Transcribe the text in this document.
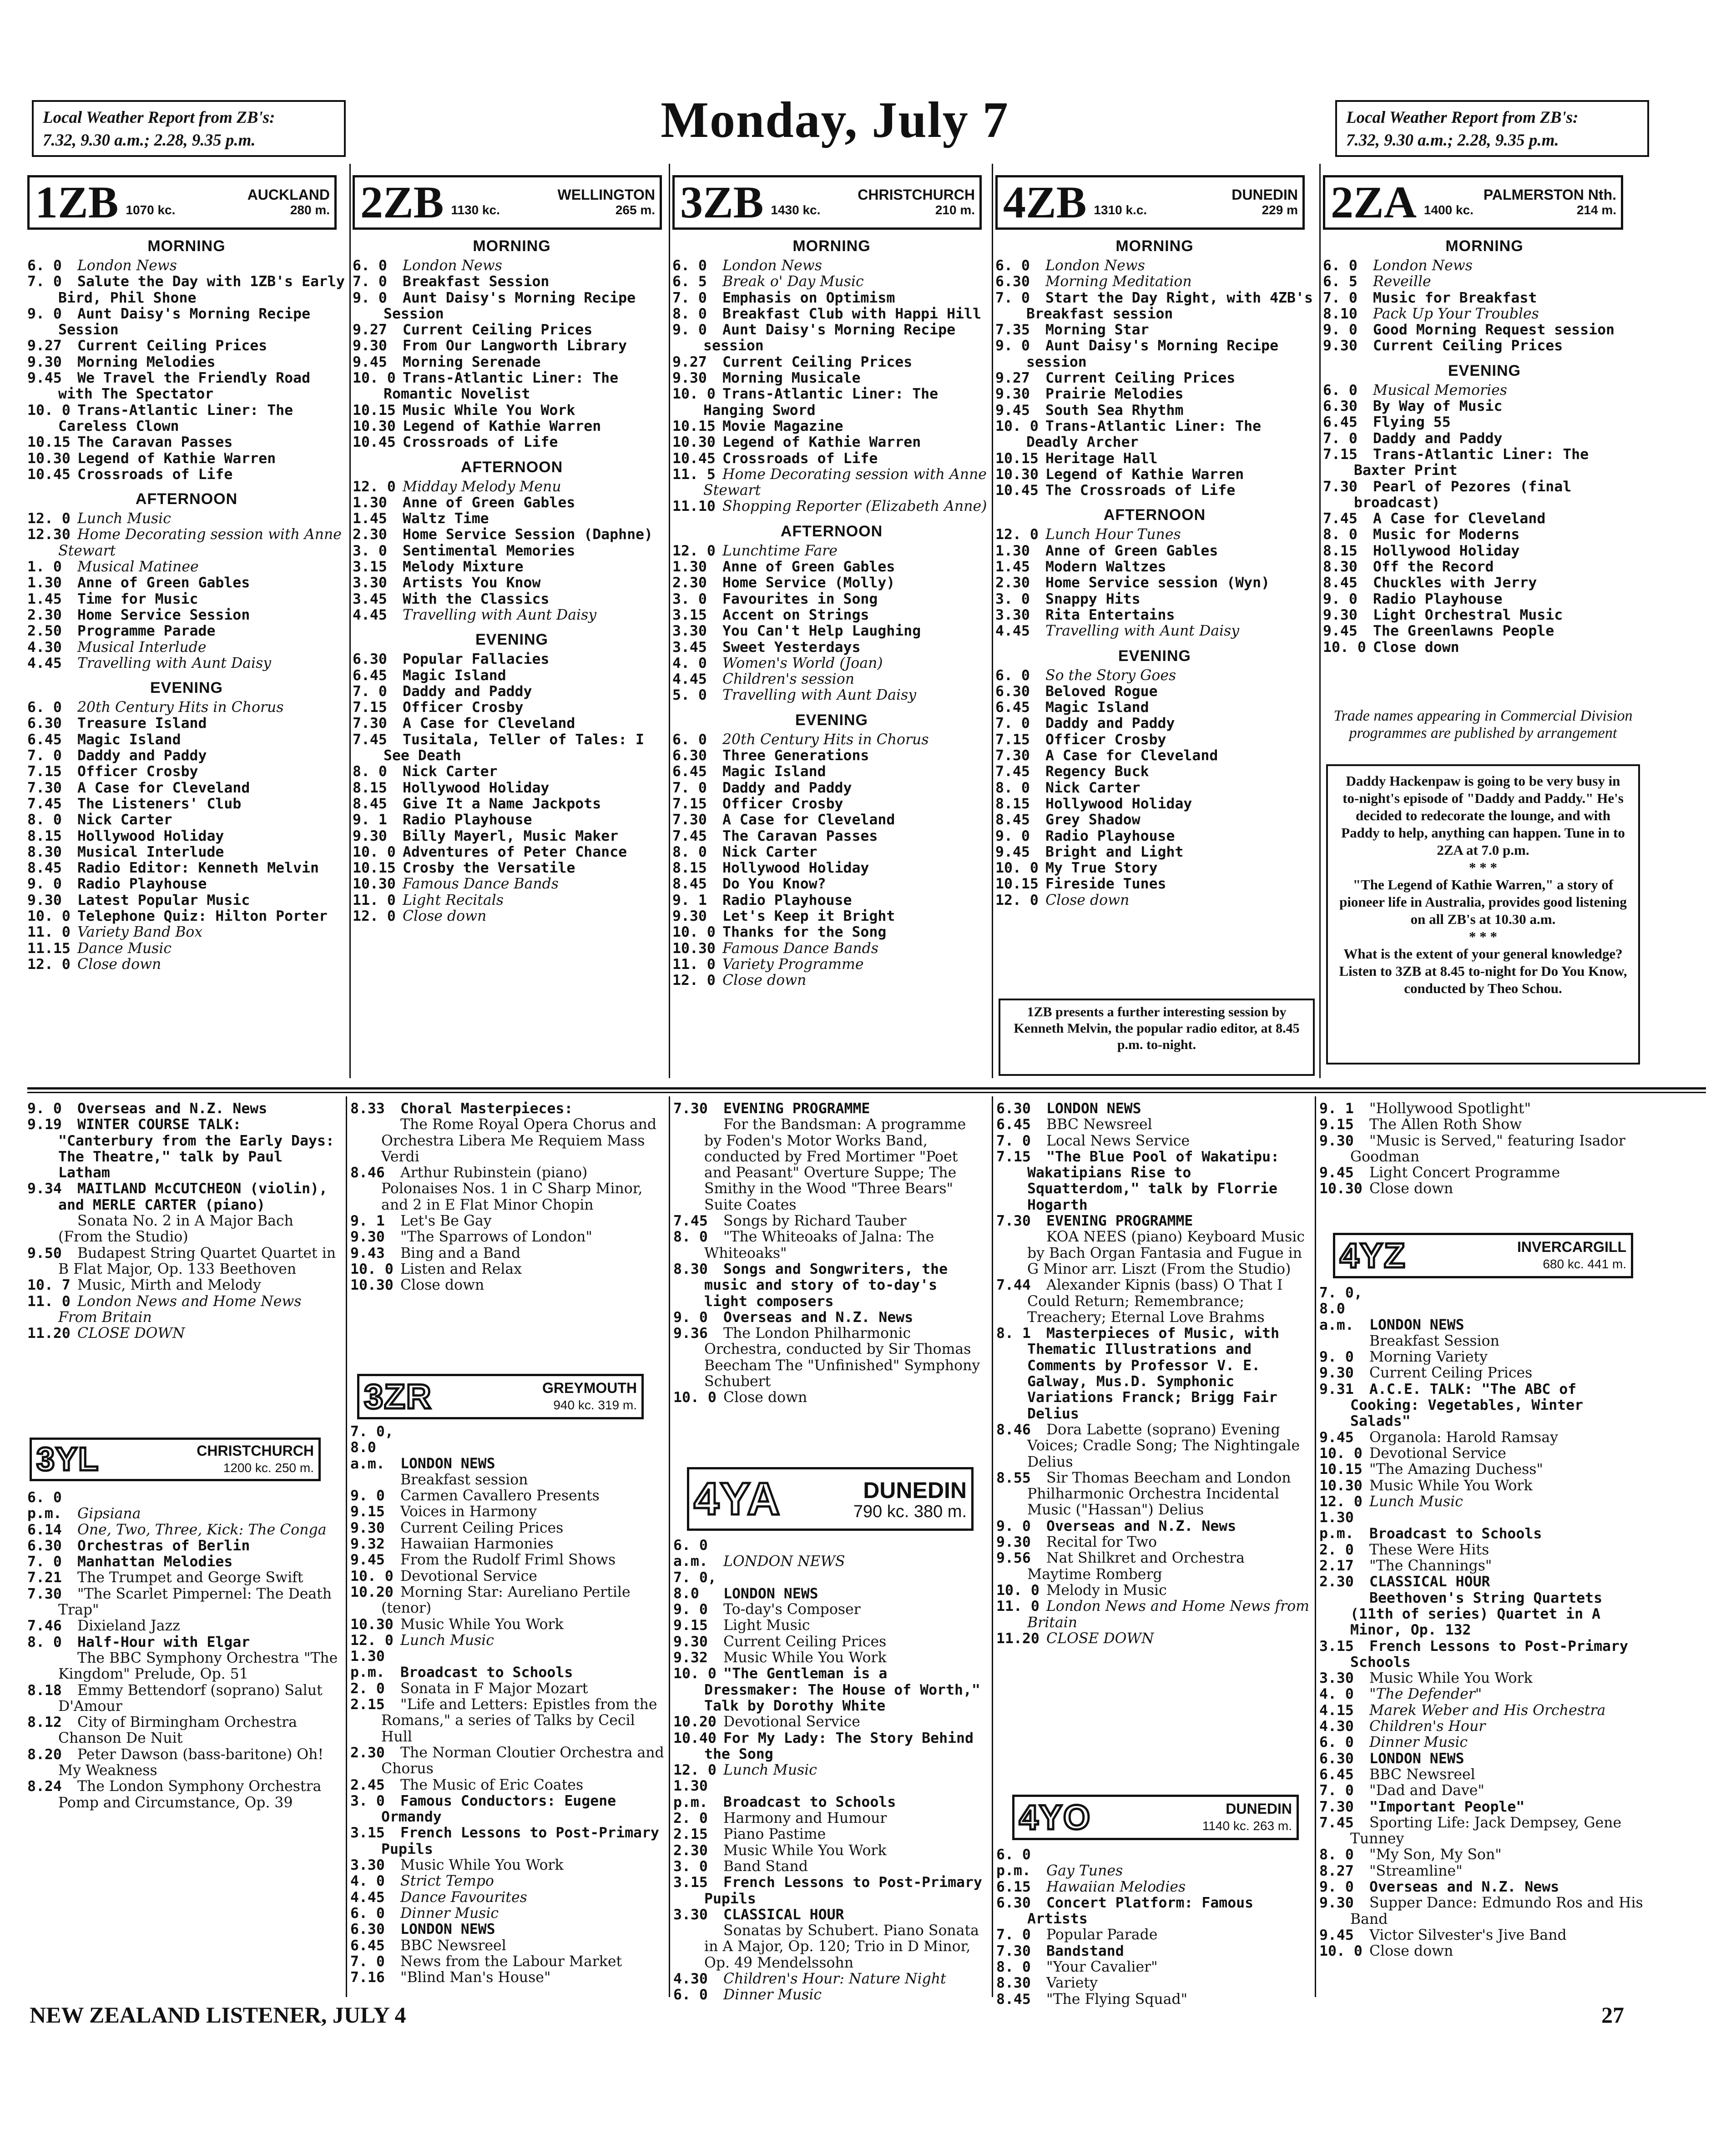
Local Weather Report from ZB's:
7.32, 9.30 a.m.; 2.28, 9.35 p.m.	Monday, July 7	Local Weather Report from ZB's:
7.32, 9.30 a.m.; 2.28, 9.35 p.m.
1ZB	AUCKLAND
1070 kc.	280 m.
MORNING
6. 0 London News
7. 0 Salute the Day with 1ZB's Early Bird, Phil Shone
9. 0 Aunt Daisy's Morning Recipe Session
9.27 Current Ceiling Prices
9.30 Morning Melodies
9.45 We Travel the Friendly Road with The Spectator
10. 0 Trans-Atlantic Liner: The Careless Clown
10.15 The Caravan Passes
10.30 Legend of Kathie Warren
10.45 Crossroads of Life
AFTERNOON
12. 0 Lunch Music
12.30 Home Decorating session with Anne Stewart
1. 0 Musical Matinee
1.30 Anne of Green Gables
1.45 Time for Music
2.30 Home Service Session
2.50 Programme Parade
4.30 Musical Interlude
4.45 Travelling with Aunt Daisy
EVENING
6. 0 20th Century Hits in Chorus
6.30 Treasure Island
6.45 Magic Island
7. 0 Daddy and Paddy
7.15 Officer Crosby
7.30 A Case for Cleveland
7.45 The Listeners' Club
8. 0 Nick Carter
8.15 Hollywood Holiday
8.30 Musical Interlude
8.45 Radio Editor: Kenneth Melvin
9. 0 Radio Playhouse
9.30 Latest Popular Music
10. 0 Telephone Quiz: Hilton Porter
11. 0 Variety Band Box
11.15 Dance Music
12. 0 Close down
2ZB	WELLINGTON
1130 kc.	265 m.
MORNING
6. 0 London News
7. 0 Breakfast Session
9. 0 Aunt Daisy's Morning Recipe Session
9.27 Current Ceiling Prices
9.30 From Our Langworth Library
9.45 Morning Serenade
10. 0 Trans-Atlantic Liner: The Romantic Novelist
10.15 Music While You Work
10.30 Legend of Kathie Warren
10.45 Crossroads of Life
AFTERNOON
12. 0 Midday Melody Menu
1.30 Anne of Green Gables
1.45 Waltz Time
2.30 Home Service Session (Daphne)
3. 0 Sentimental Memories
3.15 Melody Mixture
3.30 Artists You Know
3.45 With the Classics
4.45 Travelling with Aunt Daisy
EVENING
6.30 Popular Fallacies
6.45 Magic Island
7. 0 Daddy and Paddy
7.15 Officer Crosby
7.30 A Case for Cleveland
7.45 Tusitala, Teller of Tales: I See Death
8. 0 Nick Carter
8.15 Hollywood Holiday
8.45 Give It a Name Jackpots
9. 1 Radio Playhouse
9.30 Billy Mayerl, Music Maker
10. 0 Adventures of Peter Chance
10.15 Crosby the Versatile
10.30 Famous Dance Bands
11. 0 Light Recitals
12. 0 Close down
3ZB	CHRISTCHURCH
1430 kc.	210 m.
MORNING
6. 0 London News
6. 5 Break o' Day Music
7. 0 Emphasis on Optimism
8. 0 Breakfast Club with Happi Hill
9. 0 Aunt Daisy's Morning Recipe session
9.27 Current Ceiling Prices
9.30 Morning Musicale
10. 0 Trans-Atlantic Liner: The Hanging Sword
10.15 Movie Magazine
10.30 Legend of Kathie Warren
10.45 Crossroads of Life
11. 5 Home Decorating session with Anne Stewart
11.10 Shopping Reporter (Elizabeth Anne)
AFTERNOON
12. 0 Lunchtime Fare
1.30 Anne of Green Gables
2.30 Home Service (Molly)
3. 0 Favourites in Song
3.15 Accent on Strings
3.30 You Can't Help Laughing
3.45 Sweet Yesterdays
4. 0 Women's World (Joan)
4.45 Children's session
5. 0 Travelling with Aunt Daisy
EVENING
6. 0 20th Century Hits in Chorus
6.30 Three Generations
6.45 Magic Island
7. 0 Daddy and Paddy
7.15 Officer Crosby
7.30 A Case for Cleveland
7.45 The Caravan Passes
8. 0 Nick Carter
8.15 Hollywood Holiday
8.45 Do You Know?
9. 1 Radio Playhouse
9.30 Let's Keep it Bright
10. 0 Thanks for the Song
10.30 Famous Dance Bands
11. 0 Variety Programme
12. 0 Close down
4ZB	DUNEDIN
1310 k.c.	229 m
MORNING
6. 0 London News
6.30 Morning Meditation
7. 0 Start the Day Right, with 4ZB's Breakfast session
7.35 Morning Star
9. 0 Aunt Daisy's Morning Recipe session
9.27 Current Ceiling Prices
9.30 Prairie Melodies
9.45 South Sea Rhythm
10. 0 Trans-Atlantic Liner: The Deadly Archer
10.15 Heritage Hall
10.30 Legend of Kathie Warren
10.45 The Crossroads of Life
AFTERNOON
12. 0 Lunch Hour Tunes
1.30 Anne of Green Gables
1.45 Modern Waltzes
2.30 Home Service session (Wyn)
3. 0 Snappy Hits
3.30 Rita Entertains
4.45 Travelling with Aunt Daisy
EVENING
6. 0 So the Story Goes
6.30 Beloved Rogue
6.45 Magic Island
7. 0 Daddy and Paddy
7.15 Officer Crosby
7.30 A Case for Cleveland
7.45 Regency Buck
8. 0 Nick Carter
8.15 Hollywood Holiday
8.45 Grey Shadow
9. 0 Radio Playhouse
9.45 Bright and Light
10. 0 My True Story
10.15 Fireside Tunes
12. 0 Close down
2ZA	PALMERSTON Nth.
1400 kc.	214 m.
MORNING
6. 0 London News
6. 5 Reveille
7. 0 Music for Breakfast
8.10 Pack Up Your Troubles
9. 0 Good Morning Request session
9.30 Current Ceiling Prices
EVENING
6. 0 Musical Memories
6.30 By Way of Music
6.45 Flying 55
7. 0 Daddy and Paddy
7.15 Trans-Atlantic Liner: The Baxter Print
7.30 Pearl of Pezores (final broadcast)
7.45 A Case for Cleveland
8. 0 Music for Moderns
8.15 Hollywood Holiday
8.30 Off the Record
8.45 Chuckles with Jerry
9. 0 Radio Playhouse
9.30 Light Orchestral Music
9.45 The Greenlawns People
10. 0 Close down
Trade names appearing in Commercial Division programmes are published by arrangement
Daddy Hackenpaw is going to be very busy in to-night's episode of "Daddy and Paddy." He's decided to redecorate the lounge, and with Paddy to help, anything can happen. Tune in to 2ZA at 7.0 p.m.
* * *
"The Legend of Kathie Warren," a story of pioneer life in Australia, provides good listening on all ZB's at 10.30 a.m.
* * *
What is the extent of your general knowledge? Listen to 3ZB at 8.45 to-night for Do You Know, conducted by Theo Schou.
1ZB presents a further interesting session by Kenneth Melvin, the popular radio editor, at 8.45 p.m. to-night.
9. 0 Overseas and N.Z. News
9.19 WINTER COURSE TALK: "Canterbury from the Early Days: The Theatre," talk by Paul Latham
9.34 MAITLAND McCUTCHEON (violin), and MERLE CARTER (piano)
Sonata No. 2 in A Major Bach (From the Studio)
9.50 Budapest String Quartet Quartet in B Flat Major, Op. 133 Beethoven
10. 7 Music, Mirth and Melody
11. 0 London News and Home News From Britain
11.20 CLOSE DOWN
3YL	CHRISTCHURCH
1200 kc. 250 m.
6. 0 p.m. Gipsiana
6.14 One, Two, Three, Kick: The Conga
6.30 Orchestras of Berlin
7. 0 Manhattan Melodies
7.21 The Trumpet and George Swift
7.30 "The Scarlet Pimpernel: The Death Trap"
7.46 Dixieland Jazz
8. 0 Half-Hour with Elgar
The BBC Symphony Orchestra "The Kingdom" Prelude, Op. 51
8.18 Emmy Bettendorf (soprano) Salut D'Amour
8.12 City of Birmingham Orchestra Chanson De Nuit
8.20 Peter Dawson (bass-baritone) Oh! My Weakness
8.24 The London Symphony Orchestra Pomp and Circumstance, Op. 39
8.33 Choral Masterpieces:
The Rome Royal Opera Chorus and Orchestra Libera Me Requiem Mass Verdi
8.46 Arthur Rubinstein (piano) Polonaises Nos. 1 in C Sharp Minor, and 2 in E Flat Minor Chopin
9. 1 Let's Be Gay
9.30 "The Sparrows of London"
9.43 Bing and a Band
10. 0 Listen and Relax
10.30 Close down
3ZR	GREYMOUTH
940 kc. 319 m.
7. 0, 8.0 a.m. LONDON NEWS
Breakfast session
9. 0 Carmen Cavallero Presents
9.15 Voices in Harmony
9.30 Current Ceiling Prices
9.32 Hawaiian Harmonies
9.45 From the Rudolf Friml Shows
10. 0 Devotional Service
10.20 Morning Star: Aureliano Pertile (tenor)
10.30 Music While You Work
12. 0 Lunch Music
1.30 p.m. Broadcast to Schools
2. 0 Sonata in F Major Mozart
2.15 "Life and Letters: Epistles from the Romans," a series of Talks by Cecil Hull
2.30 The Norman Cloutier Orchestra and Chorus
2.45 The Music of Eric Coates
3. 0 Famous Conductors: Eugene Ormandy
3.15 French Lessons to Post-Primary Pupils
3.30 Music While You Work
4. 0 Strict Tempo
4.45 Dance Favourites
6. 0 Dinner Music
6.30 LONDON NEWS
6.45 BBC Newsreel
7. 0 News from the Labour Market
7.16 "Blind Man's House"
7.30 EVENING PROGRAMME
For the Bandsman: A programme by Foden's Motor Works Band, conducted by Fred Mortimer "Poet and Peasant" Overture Suppe; The Smithy in the Wood "Three Bears" Suite Coates
7.45 Songs by Richard Tauber
8. 0 "The Whiteoaks of Jalna: The Whiteoaks"
8.30 Songs and Songwriters, the music and story of to-day's light composers
9. 0 Overseas and N.Z. News
9.36 The London Philharmonic Orchestra, conducted by Sir Thomas Beecham The "Unfinished" Symphony Schubert
10. 0 Close down
4YA	DUNEDIN
790 kc. 380 m.
6. 0 a.m. LONDON NEWS
7. 0, 8.0 LONDON NEWS
9. 0 To-day's Composer
9.15 Light Music
9.30 Current Ceiling Prices
9.32 Music While You Work
10. 0 "The Gentleman is a Dressmaker: The House of Worth," Talk by Dorothy White
10.20 Devotional Service
10.40 For My Lady: The Story Behind the Song
12. 0 Lunch Music
1.30 p.m. Broadcast to Schools
2. 0 Harmony and Humour
2.15 Piano Pastime
2.30 Music While You Work
3. 0 Band Stand
3.15 French Lessons to Post-Primary Pupils
3.30 CLASSICAL HOUR
Sonatas by Schubert. Piano Sonata in A Major, Op. 120; Trio in D Minor, Op. 49 Mendelssohn
4.30 Children's Hour: Nature Night
6. 0 Dinner Music
6.30 LONDON NEWS
6.45 BBC Newsreel
7. 0 Local News Service
7.15 "The Blue Pool of Wakatipu: Wakatipians Rise to Squatterdom," talk by Florrie Hogarth
7.30 EVENING PROGRAMME
KOA NEES (piano) Keyboard Music by Bach Organ Fantasia and Fugue in G Minor arr. Liszt (From the Studio)
7.44 Alexander Kipnis (bass) O That I Could Return; Remembrance; Treachery; Eternal Love Brahms
8. 1 Masterpieces of Music, with Thematic Illustrations and Comments by Professor V. E. Galway, Mus.D. Symphonic Variations Franck; Brigg Fair Delius
8.46 Dora Labette (soprano) Evening Voices; Cradle Song; The Nightingale Delius
8.55 Sir Thomas Beecham and London Philharmonic Orchestra Incidental Music ("Hassan") Delius
9. 0 Overseas and N.Z. News
9.30 Recital for Two
9.56 Nat Shilkret and Orchestra Maytime Romberg
10. 0 Melody in Music
11. 0 London News and Home News from Britain
11.20 CLOSE DOWN
4YO	DUNEDIN
1140 kc. 263 m.
6. 0 p.m. Gay Tunes
6.15 Hawaiian Melodies
6.30 Concert Platform: Famous Artists
7. 0 Popular Parade
7.30 Bandstand
8. 0 "Your Cavalier"
8.30 Variety
8.45 "The Flying Squad"
9. 1 "Hollywood Spotlight"
9.15 The Allen Roth Show
9.30 "Music is Served," featuring Isador Goodman
9.45 Light Concert Programme
10.30 Close down
4YZ	INVERCARGILL
680 kc. 441 m.
7. 0, 8.0 a.m. LONDON NEWS
Breakfast Session
9. 0 Morning Variety
9.30 Current Ceiling Prices
9.31 A.C.E. TALK: "The ABC of Cooking: Vegetables, Winter Salads"
9.45 Organola: Harold Ramsay
10. 0 Devotional Service
10.15 "The Amazing Duchess"
10.30 Music While You Work
12. 0 Lunch Music
1.30 p.m. Broadcast to Schools
2. 0 These Were Hits
2.17 "The Channings"
2.30 CLASSICAL HOUR
Beethoven's String Quartets (11th of series) Quartet in A Minor, Op. 132
3.15 French Lessons to Post-Primary Schools
3.30 Music While You Work
4. 0 "The Defender"
4.15 Marek Weber and His Orchestra
4.30 Children's Hour
6. 0 Dinner Music
6.30 LONDON NEWS
6.45 BBC Newsreel
7. 0 "Dad and Dave"
7.30 "Important People"
7.45 Sporting Life: Jack Dempsey, Gene Tunney
8. 0 "My Son, My Son"
8.27 "Streamline"
9. 0 Overseas and N.Z. News
9.30 Supper Dance: Edmundo Ros and His Band
9.45 Victor Silvester's Jive Band
10. 0 Close down
NEW ZEALAND LISTENER, JULY 4	27
